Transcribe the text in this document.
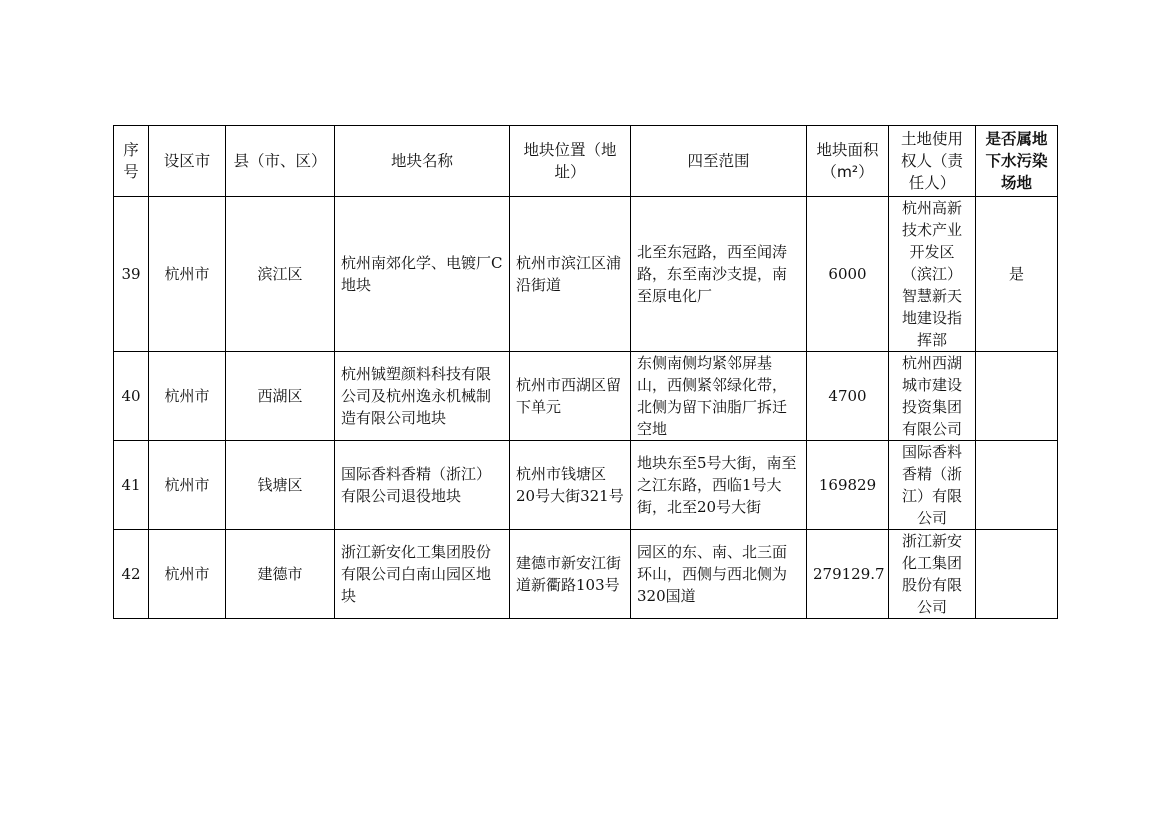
序号	设区市	县（市、区）	地块名称	地块位置（地址）	四至范围	地块面积
（m²）	土地使用权人（责任人）	是否属地下水污染场地
39	杭州市	滨江区	杭州南郊化学、电镀厂C地块	杭州市滨江区浦沿街道	北至东冠路，西至闻涛路，东至南沙支提，南至原电化厂	6000	杭州高新技术产业开发区（滨江）智慧新天地建设指挥部	是
40	杭州市	西湖区	杭州铖塑颜料科技有限公司及杭州逸永机械制造有限公司地块	杭州市西湖区留下单元	东侧南侧均紧邻屏基山，西侧紧邻绿化带，北侧为留下油脂厂拆迁空地	4700	杭州西湖城市建设投资集团有限公司	
41	杭州市	钱塘区	国际香料香精（浙江）有限公司退役地块	杭州市钱塘区20号大街321号	地块东至5号大街，南至之江东路，西临1号大街，北至20号大街	169829	国际香料香精（浙江）有限公司	
42	杭州市	建德市	浙江新安化工集团股份有限公司白南山园区地块	建德市新安江街道新衢路103号	园区的东、南、北三面环山，西侧与西北侧为320国道	279129.7	浙江新安化工集团股份有限公司	
